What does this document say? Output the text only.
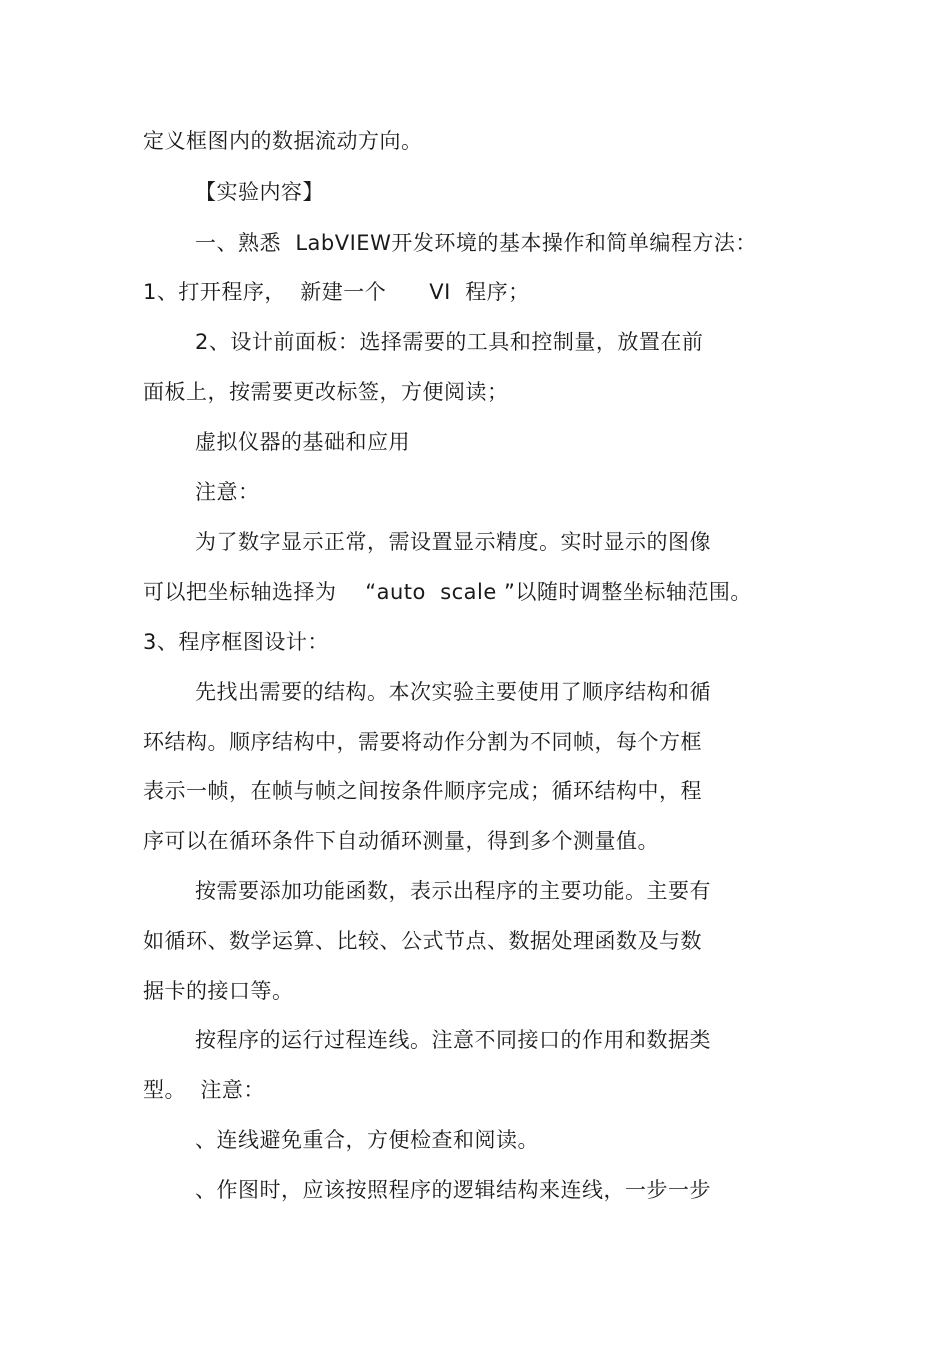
定义框图内的数据流动方向。
【实验内容】
一、熟悉  LabVIEW开发环境的基本操作和简单编程方法：
1、打开程序，  新建一个      VI  程序；
2、设计前面板：选择需要的工具和控制量，放置在前
面板上，按需要更改标签，方便阅读；
虚拟仪器的基础和应用
注意：
为了数字显示正常，需设置显示精度。实时显示的图像
可以把坐标轴选择为    “auto  scale ”以随时调整坐标轴范围。
3、程序框图设计：
先找出需要的结构。本次实验主要使用了顺序结构和循
环结构。顺序结构中，需要将动作分割为不同帧，每个方框
表示一帧，在帧与帧之间按条件顺序完成；循环结构中，程
序可以在循环条件下自动循环测量，得到多个测量值。
按需要添加功能函数，表示出程序的主要功能。主要有
如循环、数学运算、比较、公式节点、数据处理函数及与数
据卡的接口等。
按程序的运行过程连线。注意不同接口的作用和数据类
型。  注意：
、连线避免重合，方便检查和阅读。
、作图时，应该按照程序的逻辑结构来连线，一步一步
